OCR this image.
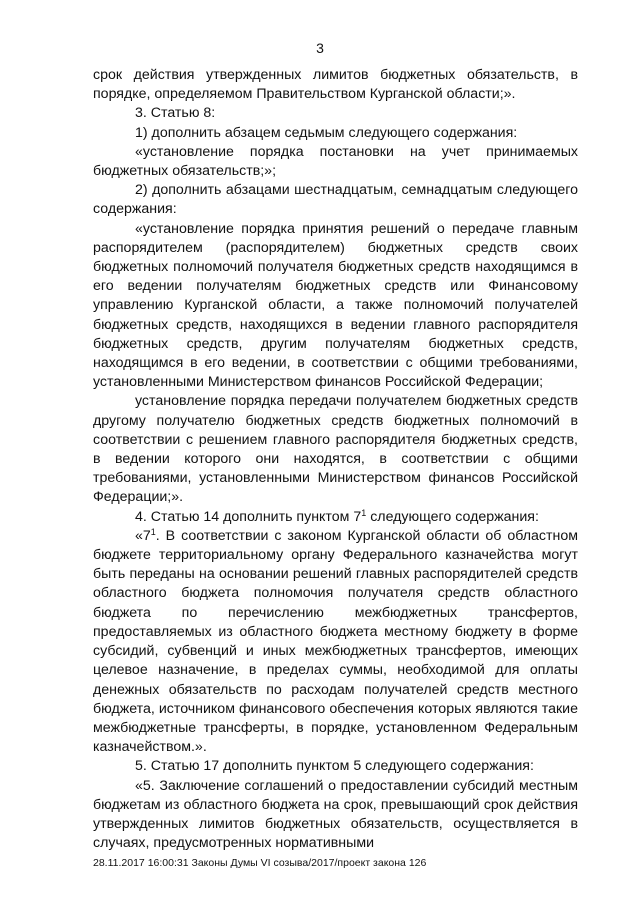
3

срок действия утвержденных лимитов бюджетных обязательств, в порядке, определяемом Правительством Курганской области;».

3. Статью 8:

1) дополнить абзацем седьмым следующего содержания:

«установление порядка постановки на учет принимаемых бюджетных обязательств;»;

2) дополнить абзацами шестнадцатым, семнадцатым следующего содержания:

«установление порядка принятия решений о передаче главным распорядителем (распорядителем) бюджетных средств своих бюджетных полномочий получателя бюджетных средств находящимся в его ведении получателям бюджетных средств или Финансовому управлению Курганской области, а также полномочий получателей бюджетных средств, находящихся в ведении главного распорядителя бюджетных средств, другим получателям бюджетных средств, находящимся в его ведении, в соответствии с общими требованиями, установленными Министерством финансов Российской Федерации;

установление порядка передачи получателем бюджетных средств другому получателю бюджетных средств бюджетных полномочий в соответствии с решением главного распорядителя бюджетных средств, в ведении которого они находятся, в соответствии с общими требованиями, установленными Министерством финансов Российской Федерации;».

4. Статью 14 дополнить пунктом $7^1$ следующего содержания:

«$7^1$. В соответствии с законом Курганской области об областном бюджете территориальному органу Федерального казначейства могут быть переданы на основании решений главных распорядителей средств областного бюджета полномочия получателя средств областного бюджета по перечислению межбюджетных трансфертов, предоставляемых из областного бюджета местному бюджету в форме субсидий, субвенций и иных межбюджетных трансфертов, имеющих целевое назначение, в пределах суммы, необходимой для оплаты денежных обязательств по расходам получателей средств местного бюджета, источником финансового обеспечения которых являются такие межбюджетные трансферты, в порядке, установленном Федеральным казначейством.».

5. Статью 17 дополнить пунктом 5 следующего содержания:

«5. Заключение соглашений о предоставлении субсидий местным бюджетам из областного бюджета на срок, превышающий срок действия утвержденных лимитов бюджетных обязательств, осуществляется в случаях, предусмотренных нормативными

28.11.2017 16:00:31 Законы Думы VI созыва/2017/проект закона 126
